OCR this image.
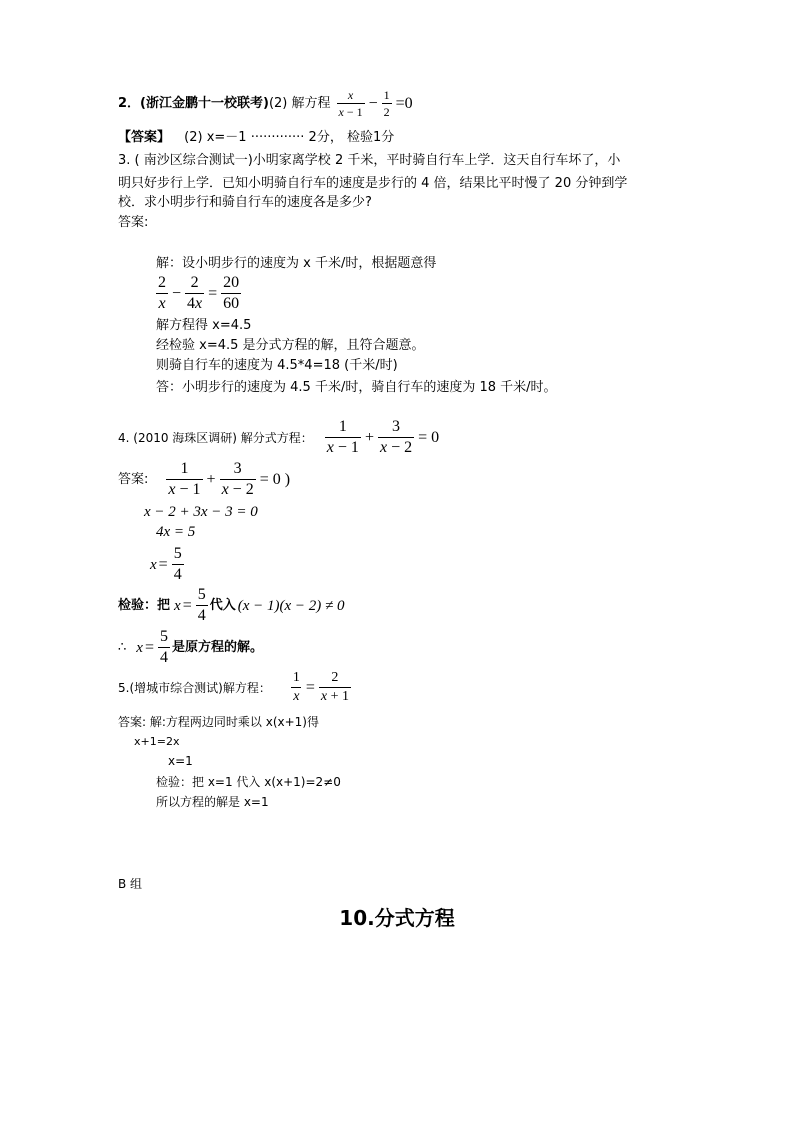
2．(浙江金鹏十一校联考) (2) 解方程 $\frac{x}{x - 1} - \frac{1}{2} =0$
【答案】 (2) x=－1 ············· 2分， 检验1分
3. ( 南沙区综合测试一)小明家离学校 2 千米，平时骑自行车上学．这天自行车坏了，小
明只好步行上学．已知小明骑自行车的速度是步行的 4 倍，结果比平时慢了 20 分钟到学
校．求小明步行和骑自行车的速度各是多少?
答案:
解：设小明步行的速度为 x 千米/时，根据题意得
$\frac{2}{x} - \frac{2}{4x} = \frac{20}{60}$
解方程得 x=4.5
经检验 x=4.5 是分式方程的解，且符合题意。
则骑自行车的速度为 4.5*4=18 (千米/时)
答：小明步行的速度为 4.5 千米/时，骑自行车的速度为 18 千米/时。
4. (2010 海珠区调研) 解分式方程： $\frac{1}{x - 1} + \frac{3}{x - 2} = 0$
答案: $\frac{1}{x - 1} + \frac{3}{x - 2} = 0$ )
x − 2 + 3x − 3 = 0
4x = 5
$x = \frac{5}{4}$
检验：把 $x = \frac{5}{4}$ 代入 (x − 1)(x − 2) ≠ 0
∴ $x = \frac{5}{4}$ 是原方程的解。
5.(增城市综合测试)解方程： $\frac{1}{x} = \frac{2}{x + 1}$
答案: 解:方程两边同时乘以 x(x+1)得
x+1=2x
x=1
检验：把 x=1 代入 x(x+1)=2≠0
所以方程的解是 x=1
B 组
10.分式方程
